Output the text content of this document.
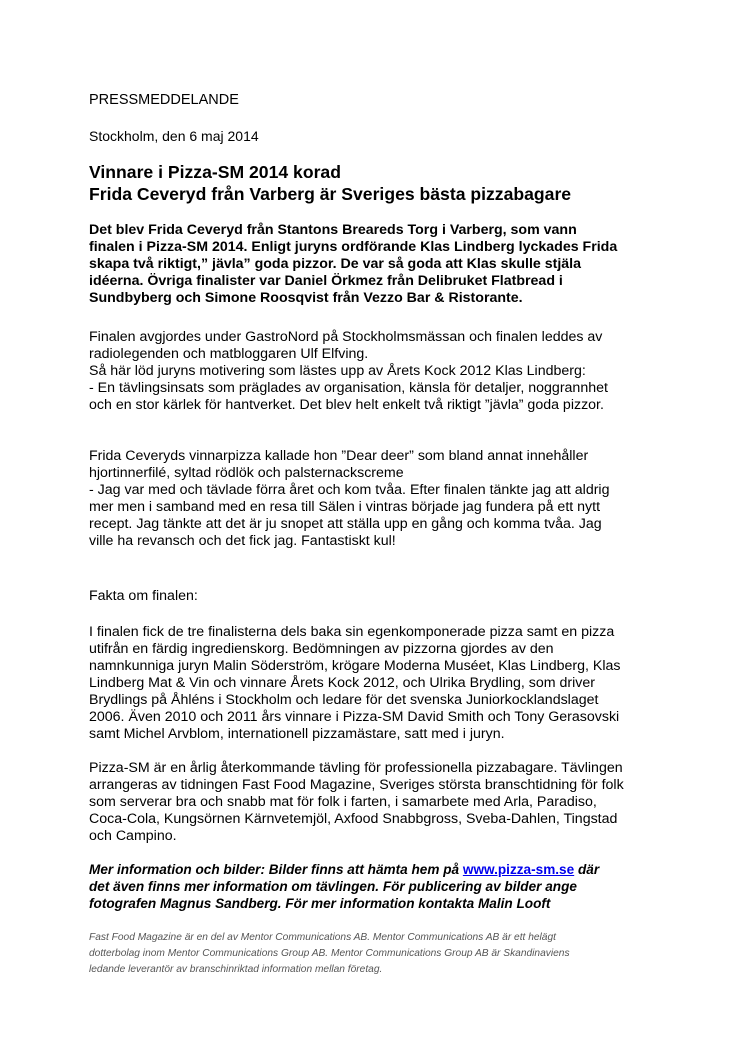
PRESSMEDDELANDE
Stockholm, den 6 maj 2014
Vinnare i Pizza-SM 2014 korad
Frida Ceveryd från Varberg är Sveriges bästa pizzabagare
Det blev Frida Ceveryd från Stantons Breareds Torg i Varberg, som vann
finalen i Pizza-SM 2014. Enligt juryns ordförande Klas Lindberg lyckades Frida
skapa två riktigt,” jävla” goda pizzor. De var så goda att Klas skulle stjäla
idéerna. Övriga finalister var Daniel Örkmez från Delibruket Flatbread i
Sundbyberg och Simone Roosqvist från Vezzo Bar & Ristorante.
Finalen avgjordes under GastroNord på Stockholmsmässan och finalen leddes av
radiolegenden och matbloggaren Ulf Elfving.
Så här löd juryns motivering som lästes upp av Årets Kock 2012 Klas Lindberg:
- En tävlingsinsats som präglades av organisation, känsla för detaljer, noggrannhet
och en stor kärlek för hantverket. Det blev helt enkelt två riktigt ”jävla” goda pizzor.
Frida Ceveryds vinnarpizza kallade hon ”Dear deer” som bland annat innehåller
hjortinnerfilé, syltad rödlök och palsternackscreme
- Jag var med och tävlade förra året och kom tvåa. Efter finalen tänkte jag att aldrig
mer men i samband med en resa till Sälen i vintras började jag fundera på ett nytt
recept. Jag tänkte att det är ju snopet att ställa upp en gång och komma tvåa. Jag
ville ha revansch och det fick jag. Fantastiskt kul!
Fakta om finalen:
I finalen fick de tre finalisterna dels baka sin egenkomponerade pizza samt en pizza
utifrån en färdig ingredienskorg. Bedömningen av pizzorna gjordes av den
namnkunniga juryn Malin Söderström, krögare Moderna Muséet, Klas Lindberg, Klas
Lindberg Mat & Vin och vinnare Årets Kock 2012, och Ulrika Brydling, som driver
Brydlings på Åhléns i Stockholm och ledare för det svenska Juniorkocklandslaget
2006. Även 2010 och 2011 års vinnare i Pizza-SM David Smith och Tony Gerasovski
samt Michel Arvblom, internationell pizzamästare, satt med i juryn.
Pizza-SM är en årlig återkommande tävling för professionella pizzabagare. Tävlingen
arrangeras av tidningen Fast Food Magazine, Sveriges största branschtidning för folk
som serverar bra och snabb mat för folk i farten, i samarbete med Arla, Paradiso,
Coca-Cola, Kungsörnen Kärnvetemjöl, Axfood Snabbgross, Sveba-Dahlen, Tingstad
och Campino.
Mer information och bilder: Bilder finns att hämta hem på www.pizza-sm.se där
det även finns mer information om tävlingen. För publicering av bilder ange
fotografen Magnus Sandberg. För mer information kontakta Malin Looft
Fast Food Magazine är en del av Mentor Communications AB. Mentor Communications AB är ett helägt
dotterbolag inom Mentor Communications Group AB. Mentor Communications Group AB är Skandinaviens
ledande leverantör av branschinriktad information mellan företag.
